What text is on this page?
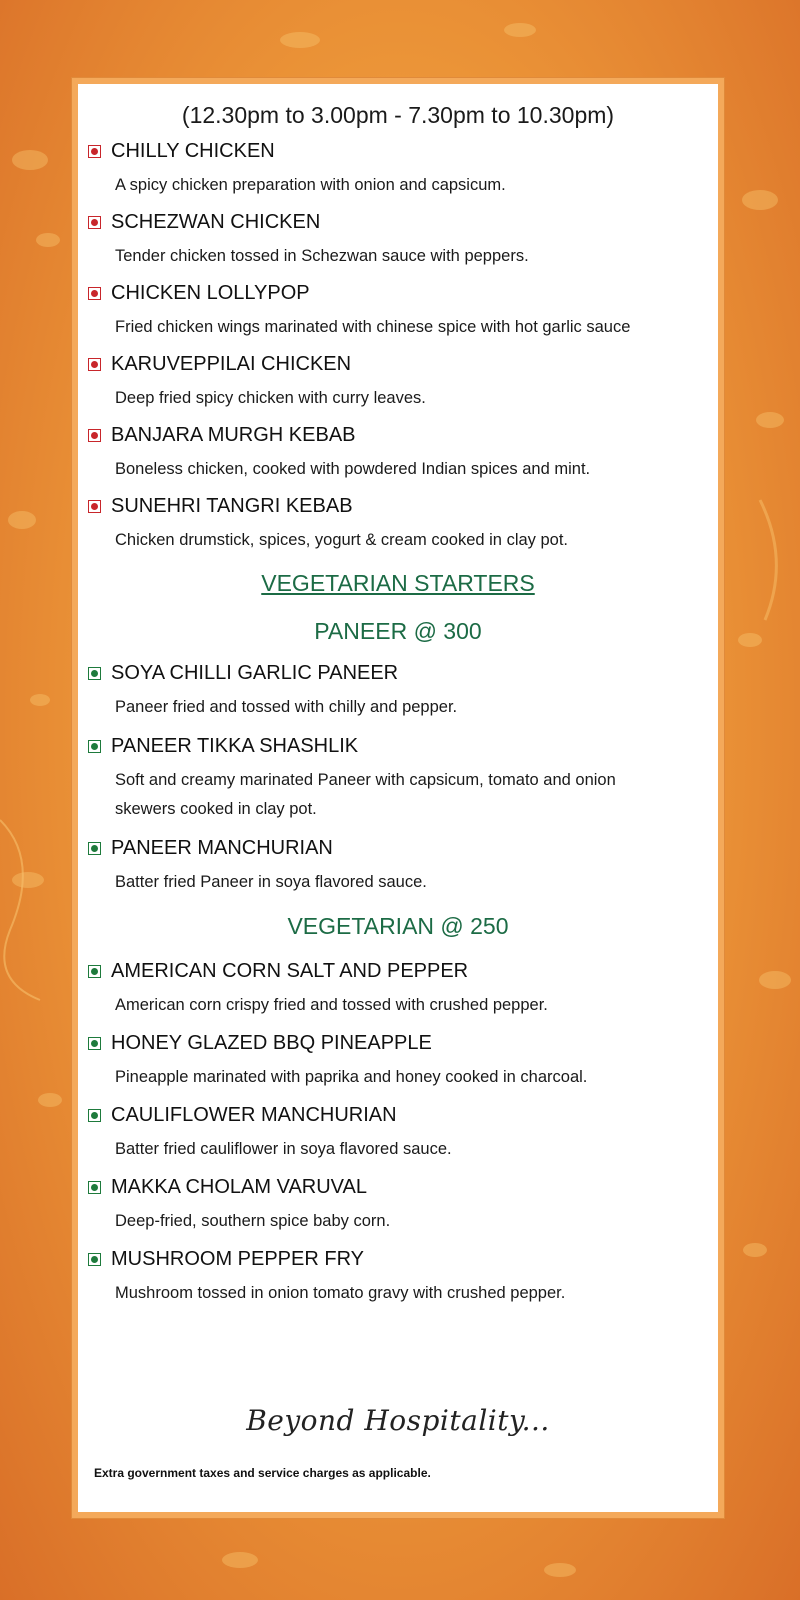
(12.30pm to 3.00pm - 7.30pm to 10.30pm)
CHILLY CHICKEN
A spicy chicken preparation with onion and capsicum.
SCHEZWAN CHICKEN
Tender chicken tossed in Schezwan sauce with peppers.
CHICKEN LOLLYPOP
Fried chicken wings marinated with chinese spice with hot garlic sauce
KARUVEPPILAI CHICKEN
Deep fried spicy chicken with curry leaves.
BANJARA MURGH KEBAB
Boneless chicken, cooked with powdered Indian spices and mint.
SUNEHRI TANGRI KEBAB
Chicken drumstick, spices, yogurt & cream cooked in clay pot.
VEGETARIAN STARTERS
PANEER @ 300
SOYA CHILLI GARLIC PANEER
Paneer fried and tossed with chilly and pepper.
PANEER TIKKA SHASHLIK
Soft and creamy marinated Paneer with capsicum, tomato and onion
skewers cooked in clay pot.
PANEER MANCHURIAN
Batter fried Paneer in soya flavored sauce.
VEGETARIAN @ 250
AMERICAN CORN SALT AND PEPPER
American corn crispy fried and tossed with crushed pepper.
HONEY GLAZED BBQ PINEAPPLE
Pineapple marinated with paprika and honey cooked in charcoal.
CAULIFLOWER MANCHURIAN
Batter fried cauliflower in soya flavored sauce.
MAKKA CHOLAM VARUVAL
Deep-fried, southern spice baby corn.
MUSHROOM PEPPER FRY
Mushroom tossed in onion tomato gravy with crushed pepper.
Beyond Hospitality...
Extra government taxes and service charges as applicable.
